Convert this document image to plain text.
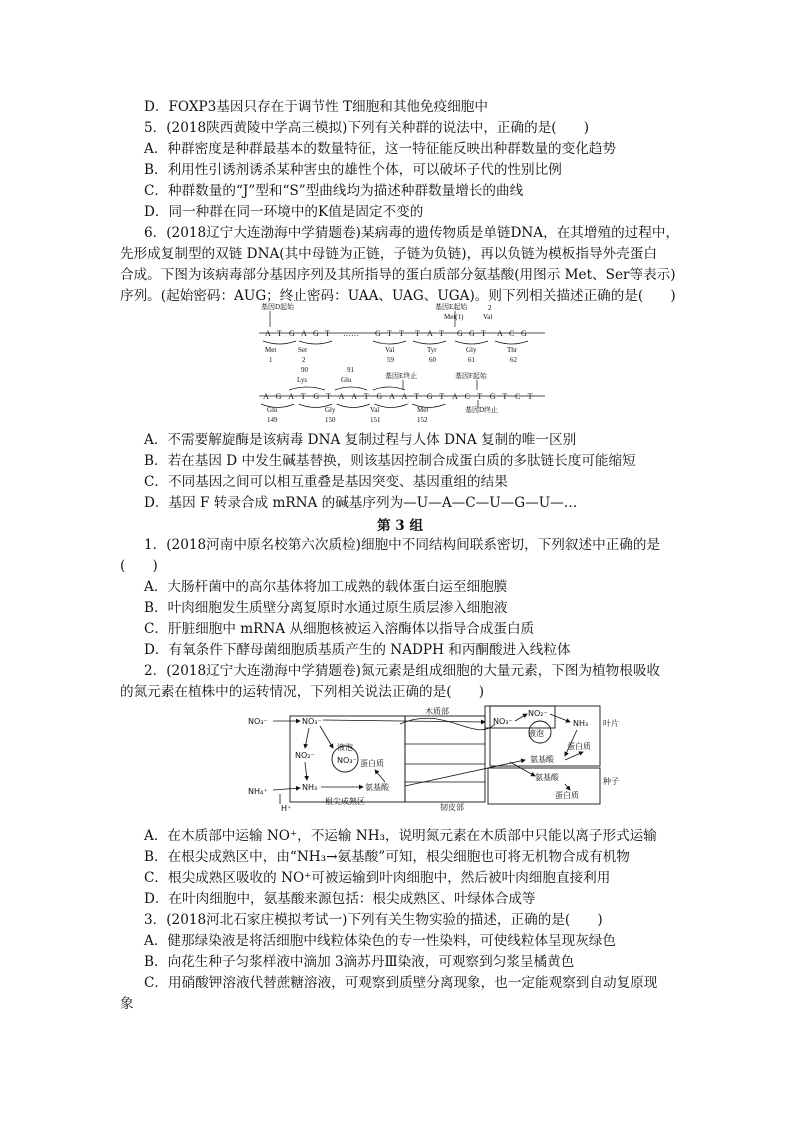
D．FOXP3基因只存在于调节性 T细胞和其他免疫细胞中
5．(2018陕西黄陵中学高三模拟)下列有关种群的说法中，正确的是(　　)
A．种群密度是种群最基本的数量特征，这一特征能反映出种群数量的变化趋势
B．利用性引诱剂诱杀某种害虫的雄性个体，可以破坏子代的性别比例
C．种群数量的“J”型和“S”型曲线均为描述种群数量增长的曲线
D．同一种群在同一环境中的K值是固定不变的
6．(2018辽宁大连渤海中学猜题卷)某病毒的遗传物质是单链DNA，在其增殖的过程中，
先形成复制型的双链 DNA(其中母链为正链，子链为负链)，再以负链为模板指导外壳蛋白
合成。下图为该病毒部分基因序列及其所指导的蛋白质部分氨基酸(用图示 Met、Ser等表示)
序列。(起始密码：AUG；终止密码：UAA、UAG、UGA)。则下列相关描述正确的是(　　)
基因D起始	基因E起始
Met(1)
2
Val
A T G A G T	G T T T A T G G T A C G
……
Met	Ser	Val	Tyr	Gly	Thr
1	2	59	60	61	62
90	91
Lys	Glu	基因E终止	基因F起始
A G A T G T A A T G A A T G T A C T G T C T
Glu	Gly	Val	Met
149	150	151	152
基因D终止
A．不需要解旋酶是该病毒 DNA 复制过程与人体 DNA 复制的唯一区别
B．若在基因 D 中发生碱基替换，则该基因控制合成蛋白质的多肽链长度可能缩短
C．不同基因之间可以相互重叠是基因突变、基因重组的结果
D．基因 F 转录合成 mRNA 的碱基序列为—U—A—C—U—G—U—…
第 3 组
1．(2018河南中原名校第六次质检)细胞中不同结构间联系密切，下列叙述中正确的是
(　　)
A．大肠杆菌中的高尔基体将加工成熟的载体蛋白运至细胞膜
B．叶肉细胞发生质壁分离复原时水通过原生质层渗入细胞液
C．肝脏细胞中 mRNA 从细胞核被运入溶酶体以指导合成蛋白质
D．有氧条件下酵母菌细胞质基质产生的 NADPH 和丙酮酸进入线粒体
2．(2018辽宁大连渤海中学猜题卷)氮元素是组成细胞的大量元素，下图为植物根吸收
的氮元素在植株中的运转情况，下列相关说法正确的是(　　)
NO₃⁻	NO₃⁻
NO₂⁻
NH₃
NH₄⁺
H⁺
液泡
NO₃⁻ 蛋白质
氨基酸
根尖成熟区
木质部
韧皮部
NO₃⁻
NO₂⁻
NH₃
液泡
蛋白质
氨基酸
氨基酸
蛋白质
叶片
种子
A．在木质部中运输 NO⁺，不运输 NH₃，说明氮元素在木质部中只能以离子形式运输
B．在根尖成熟区中，由“NH₃→氨基酸”可知，根尖细胞也可将无机物合成有机物
C．根尖成熟区吸收的 NO⁺可被运输到叶肉细胞中，然后被叶肉细胞直接利用
D．在叶肉细胞中，氨基酸来源包括：根尖成熟区、叶绿体合成等
3．(2018河北石家庄模拟考试一)下列有关生物实验的描述，正确的是(　　)
A．健那绿染液是将活细胞中线粒体染色的专一性染料，可使线粒体呈现灰绿色
B．向花生种子匀浆样液中滴加 3滴苏丹Ⅲ染液，可观察到匀浆呈橘黄色
C．用硝酸钾溶液代替蔗糖溶液，可观察到质壁分离现象，也一定能观察到自动复原现
象
